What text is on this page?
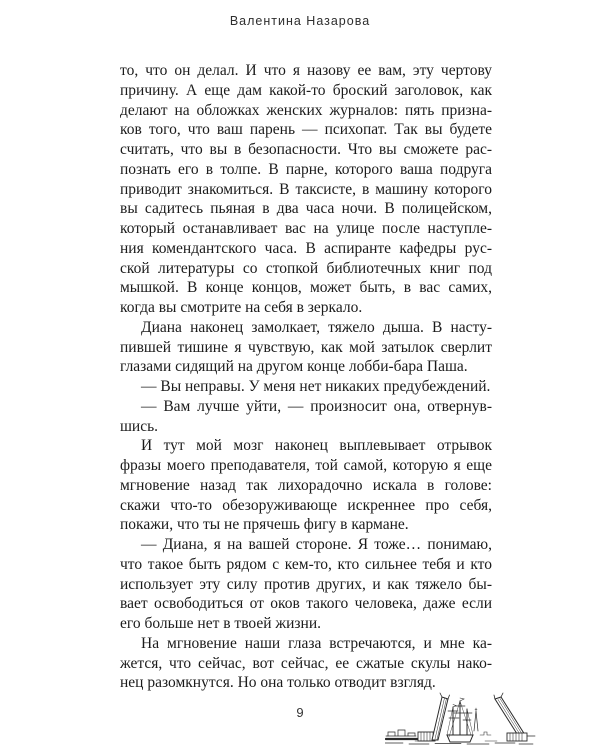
Валентина Назарова
то, что он делал. И что я назову ее вам, эту чертову
причину. А еще дам какой-то броский заголовок, как
делают на обложках женских журналов: пять призна-
ков того, что ваш парень — психопат. Так вы будете
считать, что вы в безопасности. Что вы сможете рас-
познать его в толпе. В парне, которого ваша подруга
приводит знакомиться. В таксисте, в машину которого
вы садитесь пьяная в два часа ночи. В полицейском,
который останавливает вас на улице после наступле-
ния комендантского часа. В аспиранте кафедры рус-
ской литературы со стопкой библиотечных книг под
мышкой. В конце концов, может быть, в вас самих,
когда вы смотрите на себя в зеркало.
Диана наконец замолкает, тяжело дыша. В насту-
пившей тишине я чувствую, как мой затылок сверлит
глазами сидящий на другом конце лобби-бара Паша.
— Вы неправы. У меня нет никаких предубеждений.
— Вам лучше уйти, — произносит она, отвернув-
шись.
И тут мой мозг наконец выплевывает отрывок
фразы моего преподавателя, той самой, которую я еще
мгновение назад так лихорадочно искала в голове:
скажи что-то обезоруживающе искреннее про себя,
покажи, что ты не прячешь фигу в кармане.
— Диана, я на вашей стороне. Я тоже… понимаю,
что такое быть рядом с кем-то, кто сильнее тебя и кто
использует эту силу против других, и как тяжело бы-
вает освободиться от оков такого человека, даже если
его больше нет в твоей жизни.
На мгновение наши глаза встречаются, и мне ка-
жется, что сейчас, вот сейчас, ее сжатые скулы нако-
нец разомкнутся. Но она только отводит взгляд.
9
